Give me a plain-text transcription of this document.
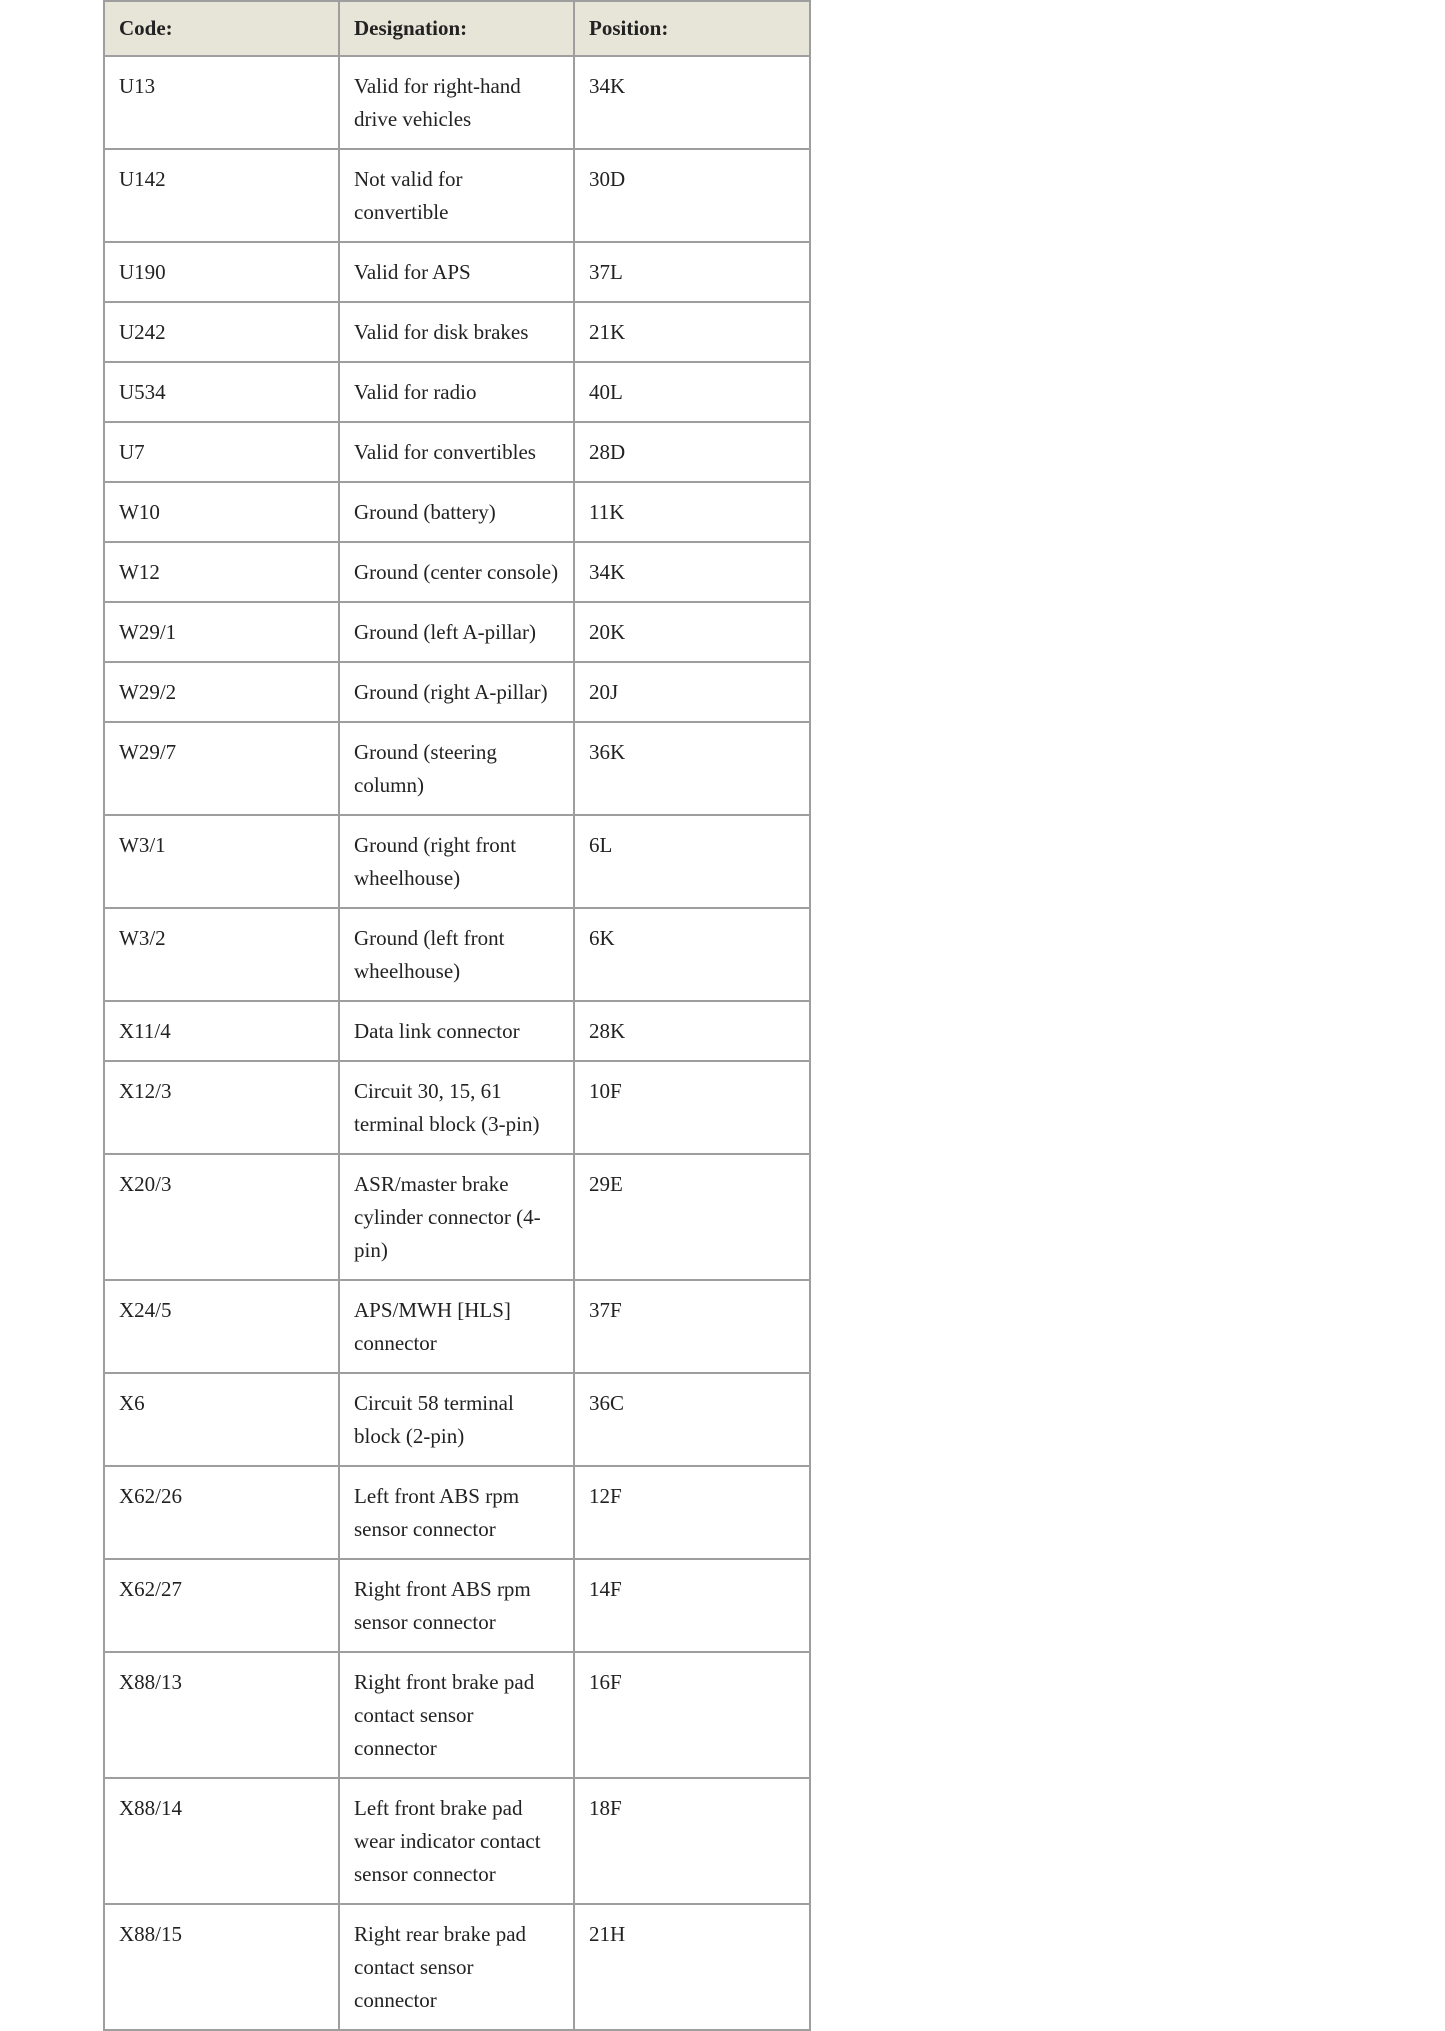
Code:	Designation:	Position:
U13	Valid for right-hand drive vehicles	34K
U142	Not valid for convertible	30D
U190	Valid for APS	37L
U242	Valid for disk brakes	21K
U534	Valid for radio	40L
U7	Valid for convertibles	28D
W10	Ground (battery)	11K
W12	Ground (center console)	34K
W29/1	Ground (left A-pillar)	20K
W29/2	Ground (right A-pillar)	20J
W29/7	Ground (steering column)	36K
W3/1	Ground (right front wheelhouse)	6L
W3/2	Ground (left front wheelhouse)	6K
X11/4	Data link connector	28K
X12/3	Circuit 30, 15, 61 terminal block (3-pin)	10F
X20/3	ASR/master brake cylinder connector (4-pin)	29E
X24/5	APS/MWH [HLS] connector	37F
X6	Circuit 58 terminal block (2-pin)	36C
X62/26	Left front ABS rpm sensor connector	12F
X62/27	Right front ABS rpm sensor connector	14F
X88/13	Right front brake pad contact sensor connector	16F
X88/14	Left front brake pad wear indicator contact sensor connector	18F
X88/15	Right rear brake pad contact sensor connector	21H
